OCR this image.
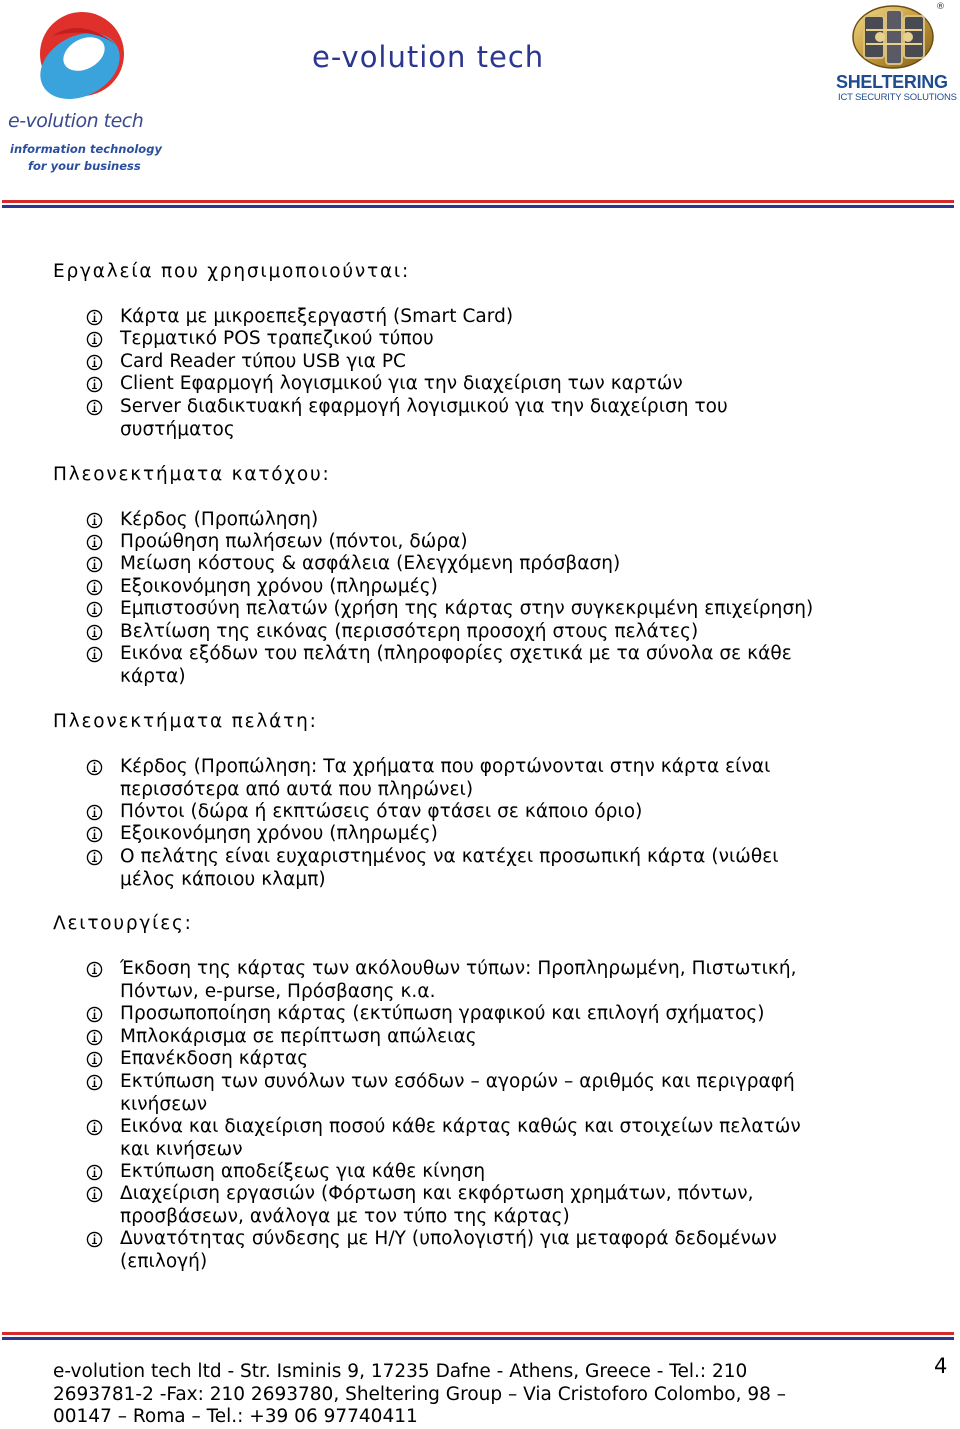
e-volution tech
information technology
for your business
e-volution tech
®
SHELTERING
ICT SECURITY SOLUTIONS
Εργαλεία που χρησιμοποιούνται:
Κάρτα με μικροεπεξεργαστή (Smart Card)
Τερματικό POS τραπεζικού τύπου
Card Reader τύπου USB για PC
Client Εφαρμογή λογισμικού για την διαχείριση των καρτών
Server διαδικτυακή εφαρμογή λογισμικού για την διαχείριση του συστήματος
Πλεονεκτήματα κατόχου:
Κέρδος (Προπώληση)
Προώθηση πωλήσεων (πόντοι, δώρα)
Μείωση κόστους & ασφάλεια (Ελεγχόμενη πρόσβαση)
Εξοικονόμηση χρόνου (πληρωμές)
Εμπιστοσύνη πελατών (χρήση της κάρτας στην συγκεκριμένη επιχείρηση)
Βελτίωση της εικόνας (περισσότερη προσοχή στους πελάτες)
Εικόνα εξόδων του πελάτη (πληροφορίες σχετικά με τα σύνολα σε κάθε κάρτα)
Πλεονεκτήματα πελάτη:
Κέρδος (Προπώληση: Τα χρήματα που φορτώνονται στην κάρτα είναι περισσότερα από αυτά που πληρώνει)
Πόντοι (δώρα ή εκπτώσεις όταν φτάσει σε κάποιο όριο)
Εξοικονόμηση χρόνου (πληρωμές)
Ο πελάτης είναι ευχαριστημένος να κατέχει προσωπική κάρτα (νιώθει μέλος κάποιου κλαμπ)
Λειτουργίες:
Έκδοση της κάρτας των ακόλουθων τύπων: Προπληρωμένη, Πιστωτική, Πόντων, e-purse, Πρόσβασης κ.α.
Προσωποποίηση κάρτας (εκτύπωση γραφικού και επιλογή σχήματος)
Μπλοκάρισμα σε περίπτωση απώλειας
Επανέκδοση κάρτας
Εκτύπωση των συνόλων των εσόδων – αγορών – αριθμός και περιγραφή κινήσεων
Εικόνα και διαχείριση ποσού κάθε κάρτας καθώς και στοιχείων πελατών και κινήσεων
Εκτύπωση αποδείξεως για κάθε κίνηση
Διαχείριση εργασιών (Φόρτωση και εκφόρτωση χρημάτων, πόντων, προσβάσεων, ανάλογα με τον τύπο της κάρτας)
Δυνατότητας σύνδεσης με Η/Υ (υπολογιστή) για μεταφορά δεδομένων (επιλογή)
e-volution tech ltd - Str. Isminis 9, 17235 Dafne - Athens, Greece - Tel.: 210 2693781-2 -Fax: 210 2693780, Sheltering Group – Via Cristoforo Colombo, 98 – 00147 – Roma – Tel.: +39 06 97740411
4
